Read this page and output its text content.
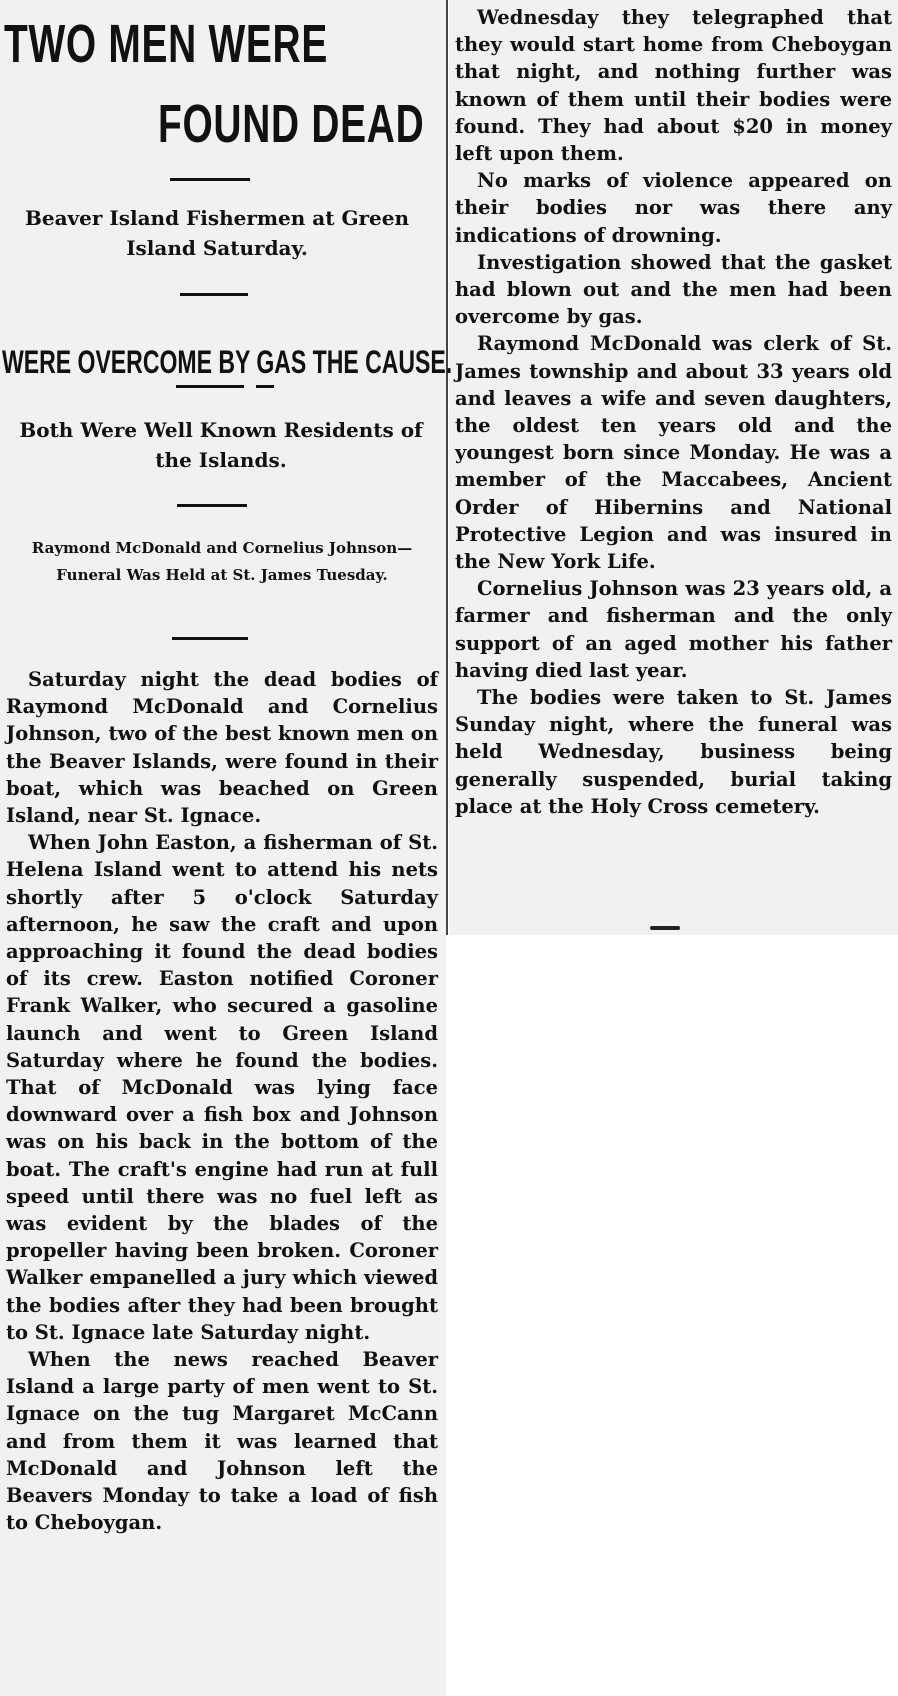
TWO MEN WERE
FOUND DEAD
Beaver Island Fishermen at Green Island Saturday.
WERE OVERCOME BY GAS THE CAUSE.
Both Were Well Known Residents of the Islands.
Raymond McDonald and Cornelius Johnson— Funeral Was Held at St. James Tuesday.

Saturday night the dead bodies of Raymond McDonald and Cornelius Johnson, two of the best known men on the Beaver Islands, were found in their boat, which was beached on Green Island, near St. Ignace.

When John Easton, a fisherman of St. Helena Island went to attend his nets shortly after 5 o'clock Saturday afternoon, he saw the craft and upon approaching it found the dead bodies of its crew. Easton notified Coroner Frank Walker, who secured a gasoline launch and went to Green Island Saturday where he found the bodies. That of McDonald was lying face downward over a fish box and Johnson was on his back in the bottom of the boat. The craft's engine had run at full speed until there was no fuel left as was evident by the blades of the propeller having been broken. Coroner Walker empanelled a jury which viewed the bodies after they had been brought to St. Ignace late Saturday night.

When the news reached Beaver Island a large party of men went to St. Ignace on the tug Margaret McCann and from them it was learned that McDonald and Johnson left the Beavers Monday to take a load of fish to Cheboygan.

Wednesday they telegraphed that they would start home from Cheboygan that night, and nothing further was known of them until their bodies were found. They had about $20 in money left upon them.

No marks of violence appeared on their bodies nor was there any indications of drowning.

Investigation showed that the gasket had blown out and the men had been overcome by gas.

Raymond McDonald was clerk of St. James township and about 33 years old and leaves a wife and seven daughters, the oldest ten years old and the youngest born since Monday. He was a member of the Maccabees, Ancient Order of Hibernins and National Protective Legion and was insured in the New York Life.

Cornelius Johnson was 23 years old, a farmer and fisherman and the only support of an aged mother his father having died last year.

The bodies were taken to St. James Sunday night, where the funeral was held Wednesday, business being generally suspended, burial taking place at the Holy Cross cemetery.
